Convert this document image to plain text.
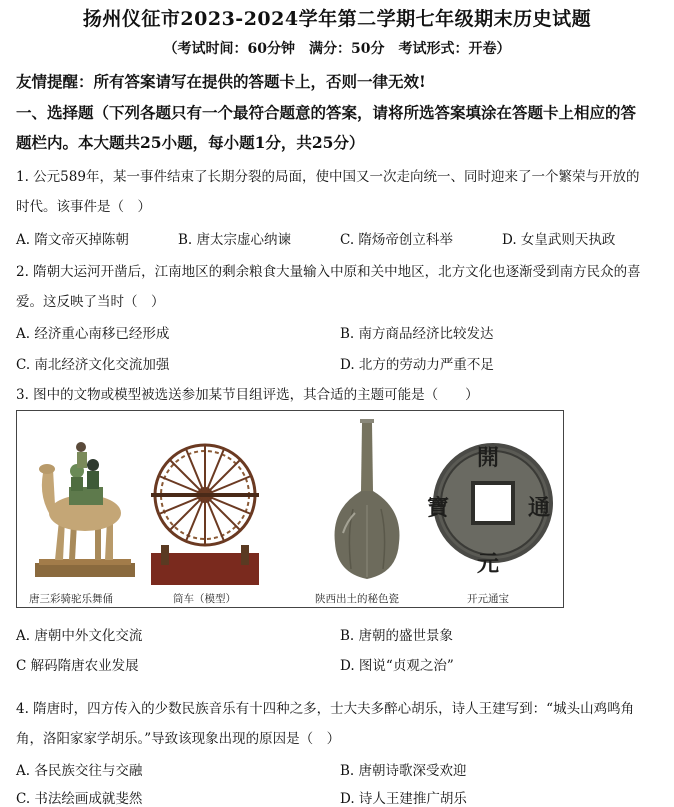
扬州仪征市2023-2024学年第二学期七年级期末历史试题
（考试时间：60分钟　满分：50分　考试形式：开卷）
友情提醒：所有答案请写在提供的答题卡上，否则一律无效!
一、选择题（下列各题只有一个最符合题意的答案，请将所选答案填涂在答题卡上相应的答
题栏内。本大题共25小题，每小题1分，共25分）
1. 公元589年，某一事件结束了长期分裂的局面，使中国又一次走向统一、同时迎来了一个繁荣与开放的
时代。该事件是（　）
A. 隋文帝灭掉陈朝	B. 唐太宗虚心纳谏	C. 隋炀帝创立科举	D. 女皇武则天执政
2. 隋朝大运河开凿后，江南地区的剩余粮食大量输入中原和关中地区，北方文化也逐渐受到南方民众的喜
爱。这反映了当时（　）
A. 经济重心南移已经形成	B. 南方商品经济比较发达
C. 南北经济文化交流加强	D. 北方的劳动力严重不足
3. 图中的文物或模型被选送参加某节目组评选，其合适的主题可能是（　　）
唐三彩骑驼乐舞俑	筒车（模型）	陕西出土的秘色瓷
開
元
通
寶
开元通宝
A. 唐朝中外文化交流	B. 唐朝的盛世景象
C 解码隋唐农业发展	D. 图说“贞观之治”
4. 隋唐时，四方传入的少数民族音乐有十四种之多，士大夫多醉心胡乐，诗人王建写到：“城头山鸡鸣角
角，洛阳家家学胡乐。”导致该现象出现的原因是（　）
A. 各民族交往与交融	B. 唐朝诗歌深受欢迎
C. 书法绘画成就斐然	D. 诗人王建推广胡乐
